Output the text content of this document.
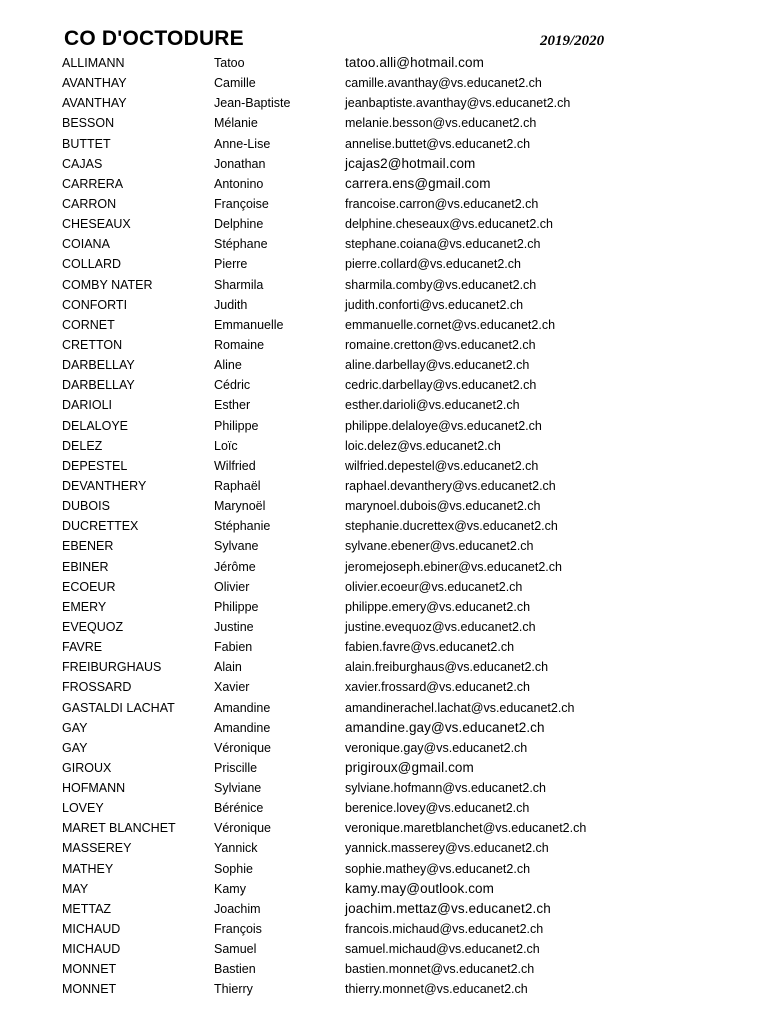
CO D'OCTODURE	2019/2020
ALLIMANN	Tatoo	tatoo.alli@hotmail.com
AVANTHAY	Camille	camille.avanthay@vs.educanet2.ch
AVANTHAY	Jean-Baptiste	jeanbaptiste.avanthay@vs.educanet2.ch
BESSON	Mélanie	melanie.besson@vs.educanet2.ch
BUTTET	Anne-Lise	annelise.buttet@vs.educanet2.ch
CAJAS	Jonathan	jcajas2@hotmail.com
CARRERA	Antonino	carrera.ens@gmail.com
CARRON	Françoise	francoise.carron@vs.educanet2.ch
CHESEAUX	Delphine	delphine.cheseaux@vs.educanet2.ch
COIANA	Stéphane	stephane.coiana@vs.educanet2.ch
COLLARD	Pierre	pierre.collard@vs.educanet2.ch
COMBY NATER	Sharmila	sharmila.comby@vs.educanet2.ch
CONFORTI	Judith	judith.conforti@vs.educanet2.ch
CORNET	Emmanuelle	emmanuelle.cornet@vs.educanet2.ch
CRETTON	Romaine	romaine.cretton@vs.educanet2.ch
DARBELLAY	Aline	aline.darbellay@vs.educanet2.ch
DARBELLAY	Cédric	cedric.darbellay@vs.educanet2.ch
DARIOLI	Esther	esther.darioli@vs.educanet2.ch
DELALOYE	Philippe	philippe.delaloye@vs.educanet2.ch
DELEZ	Loïc	loic.delez@vs.educanet2.ch
DEPESTEL	Wilfried	wilfried.depestel@vs.educanet2.ch
DEVANTHERY	Raphaël	raphael.devanthery@vs.educanet2.ch
DUBOIS	Marynoël	marynoel.dubois@vs.educanet2.ch
DUCRETTEX	Stéphanie	stephanie.ducrettex@vs.educanet2.ch
EBENER	Sylvane	sylvane.ebener@vs.educanet2.ch
EBINER	Jérôme	jeromejoseph.ebiner@vs.educanet2.ch
ECOEUR	Olivier	olivier.ecoeur@vs.educanet2.ch
EMERY	Philippe	philippe.emery@vs.educanet2.ch
EVEQUOZ	Justine	justine.evequoz@vs.educanet2.ch
FAVRE	Fabien	fabien.favre@vs.educanet2.ch
FREIBURGHAUS	Alain	alain.freiburghaus@vs.educanet2.ch
FROSSARD	Xavier	xavier.frossard@vs.educanet2.ch
GASTALDI LACHAT	Amandine	amandinerachel.lachat@vs.educanet2.ch
GAY	Amandine	amandine.gay@vs.educanet2.ch
GAY	Véronique	veronique.gay@vs.educanet2.ch
GIROUX	Priscille	prigiroux@gmail.com
HOFMANN	Sylviane	sylviane.hofmann@vs.educanet2.ch
LOVEY	Bérénice	berenice.lovey@vs.educanet2.ch
MARET BLANCHET	Véronique	veronique.maretblanchet@vs.educanet2.ch
MASSEREY	Yannick	yannick.masserey@vs.educanet2.ch
MATHEY	Sophie	sophie.mathey@vs.educanet2.ch
MAY	Kamy	kamy.may@outlook.com
METTAZ	Joachim	joachim.mettaz@vs.educanet2.ch
MICHAUD	François	francois.michaud@vs.educanet2.ch
MICHAUD	Samuel	samuel.michaud@vs.educanet2.ch
MONNET	Bastien	bastien.monnet@vs.educanet2.ch
MONNET	Thierry	thierry.monnet@vs.educanet2.ch
